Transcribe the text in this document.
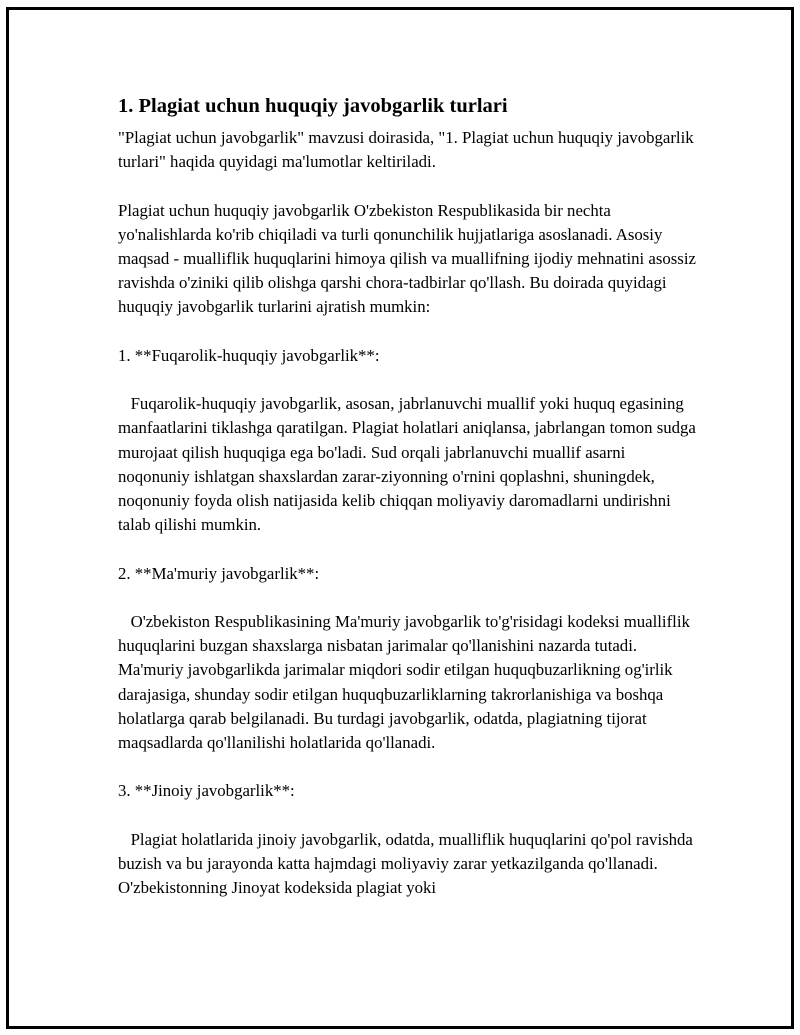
1. Plagiat uchun huquqiy javobgarlik turlari

"Plagiat uchun javobgarlik" mavzusi doirasida, "1. Plagiat uchun huquqiy javobgarlik turlari" haqida quyidagi ma'lumotlar keltiriladi.

Plagiat uchun huquqiy javobgarlik O'zbekiston Respublikasida bir nechta yo'nalishlarda ko'rib chiqiladi va turli qonunchilik hujjatlariga asoslanadi. Asosiy maqsad - mualliflik huquqlarini himoya qilish va muallifning ijodiy mehnatini asossiz ravishda o'ziniki qilib olishga qarshi chora-tadbirlar qo'llash. Bu doirada quyidagi huquqiy javobgarlik turlarini ajratish mumkin:

1. **Fuqarolik-huquqiy javobgarlik**:

Fuqarolik-huquqiy javobgarlik, asosan, jabrlanuvchi muallif yoki huquq egasining manfaatlarini tiklashga qaratilgan. Plagiat holatlari aniqlansa, jabrlangan tomon sudga murojaat qilish huquqiga ega bo'ladi. Sud orqali jabrlanuvchi muallif asarni noqonuniy ishlatgan shaxslardan zarar-ziyonning o'rnini qoplashni, shuningdek, noqonuniy foyda olish natijasida kelib chiqqan moliyaviy daromadlarni undirishni talab qilishi mumkin.

2. **Ma'muriy javobgarlik**:

O'zbekiston Respublikasining Ma'muriy javobgarlik to'g'risidagi kodeksi mualliflik huquqlarini buzgan shaxslarga nisbatan jarimalar qo'llanishini nazarda tutadi. Ma'muriy javobgarlikda jarimalar miqdori sodir etilgan huquqbuzarlikning og'irlik darajasiga, shunday sodir etilgan huquqbuzarliklarning takrorlanishiga va boshqa holatlarga qarab belgilanadi. Bu turdagi javobgarlik, odatda, plagiatning tijorat maqsadlarda qo'llanilishi holatlarida qo'llanadi.

3. **Jinoiy javobgarlik**:

Plagiat holatlarida jinoiy javobgarlik, odatda, mualliflik huquqlarini qo'pol ravishda buzish va bu jarayonda katta hajmdagi moliyaviy zarar yetkazilganda qo'llanadi. O'zbekistonning Jinoyat kodeksida plagiat yoki
